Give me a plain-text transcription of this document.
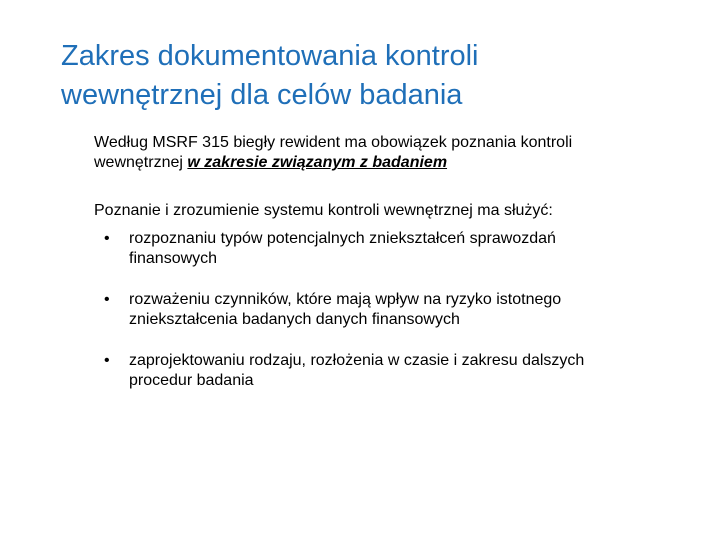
Zakres dokumentowania kontroli
wewnętrznej dla celów badania

Według MSRF 315 biegły rewident ma obowiązek poznania kontroli
wewnętrznej w zakresie związanym z badaniem

Poznanie i zrozumienie systemu kontroli wewnętrznej ma służyć:

• rozpoznaniu typów potencjalnych zniekształceń sprawozdań
finansowych
• rozważeniu czynników, które mają wpływ na ryzyko istotnego
zniekształcenia badanych danych finansowych
• zaprojektowaniu rodzaju, rozłożenia w czasie i zakresu dalszych
procedur badania
